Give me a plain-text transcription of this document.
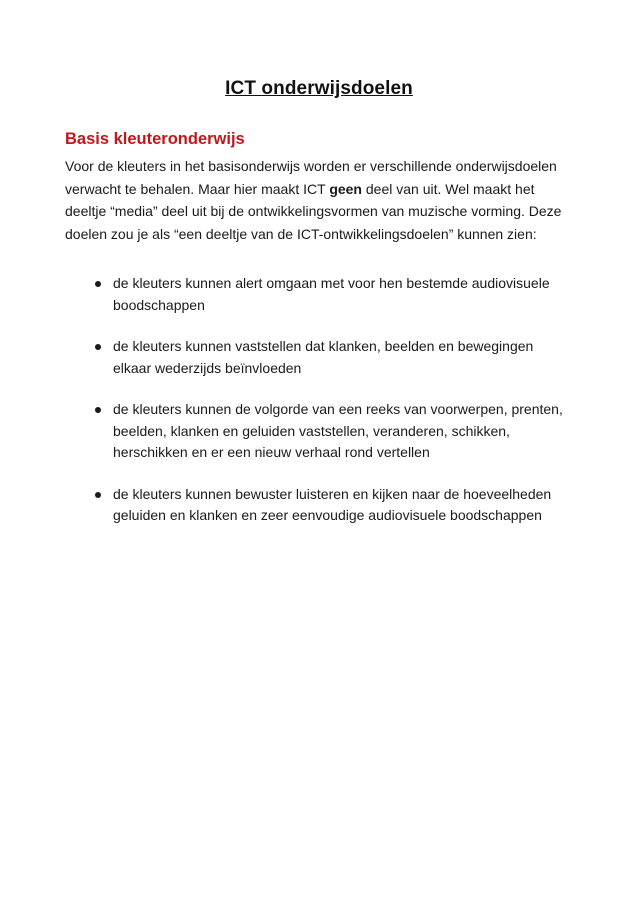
ICT onderwijsdoelen
Basis kleuteronderwijs

Voor de kleuters in het basisonderwijs worden er verschillende onderwijsdoelen verwacht te behalen. Maar hier maakt ICT geen deel van uit. Wel maakt het deeltje “media” deel uit bij de ontwikkelingsvormen van muzische vorming. Deze doelen zou je als “een deeltje van de ICT-ontwikkelingsdoelen” kunnen zien:

de kleuters kunnen alert omgaan met voor hen bestemde audiovisuele boodschappen
de kleuters kunnen vaststellen dat klanken, beelden en bewegingen elkaar wederzijds beïnvloeden
de kleuters kunnen de volgorde van een reeks van voorwerpen, prenten, beelden, klanken en geluiden vaststellen, veranderen, schikken, herschikken en er een nieuw verhaal rond vertellen
de kleuters kunnen bewuster luisteren en kijken naar de hoeveelheden geluiden en klanken en zeer eenvoudige audiovisuele boodschappen
